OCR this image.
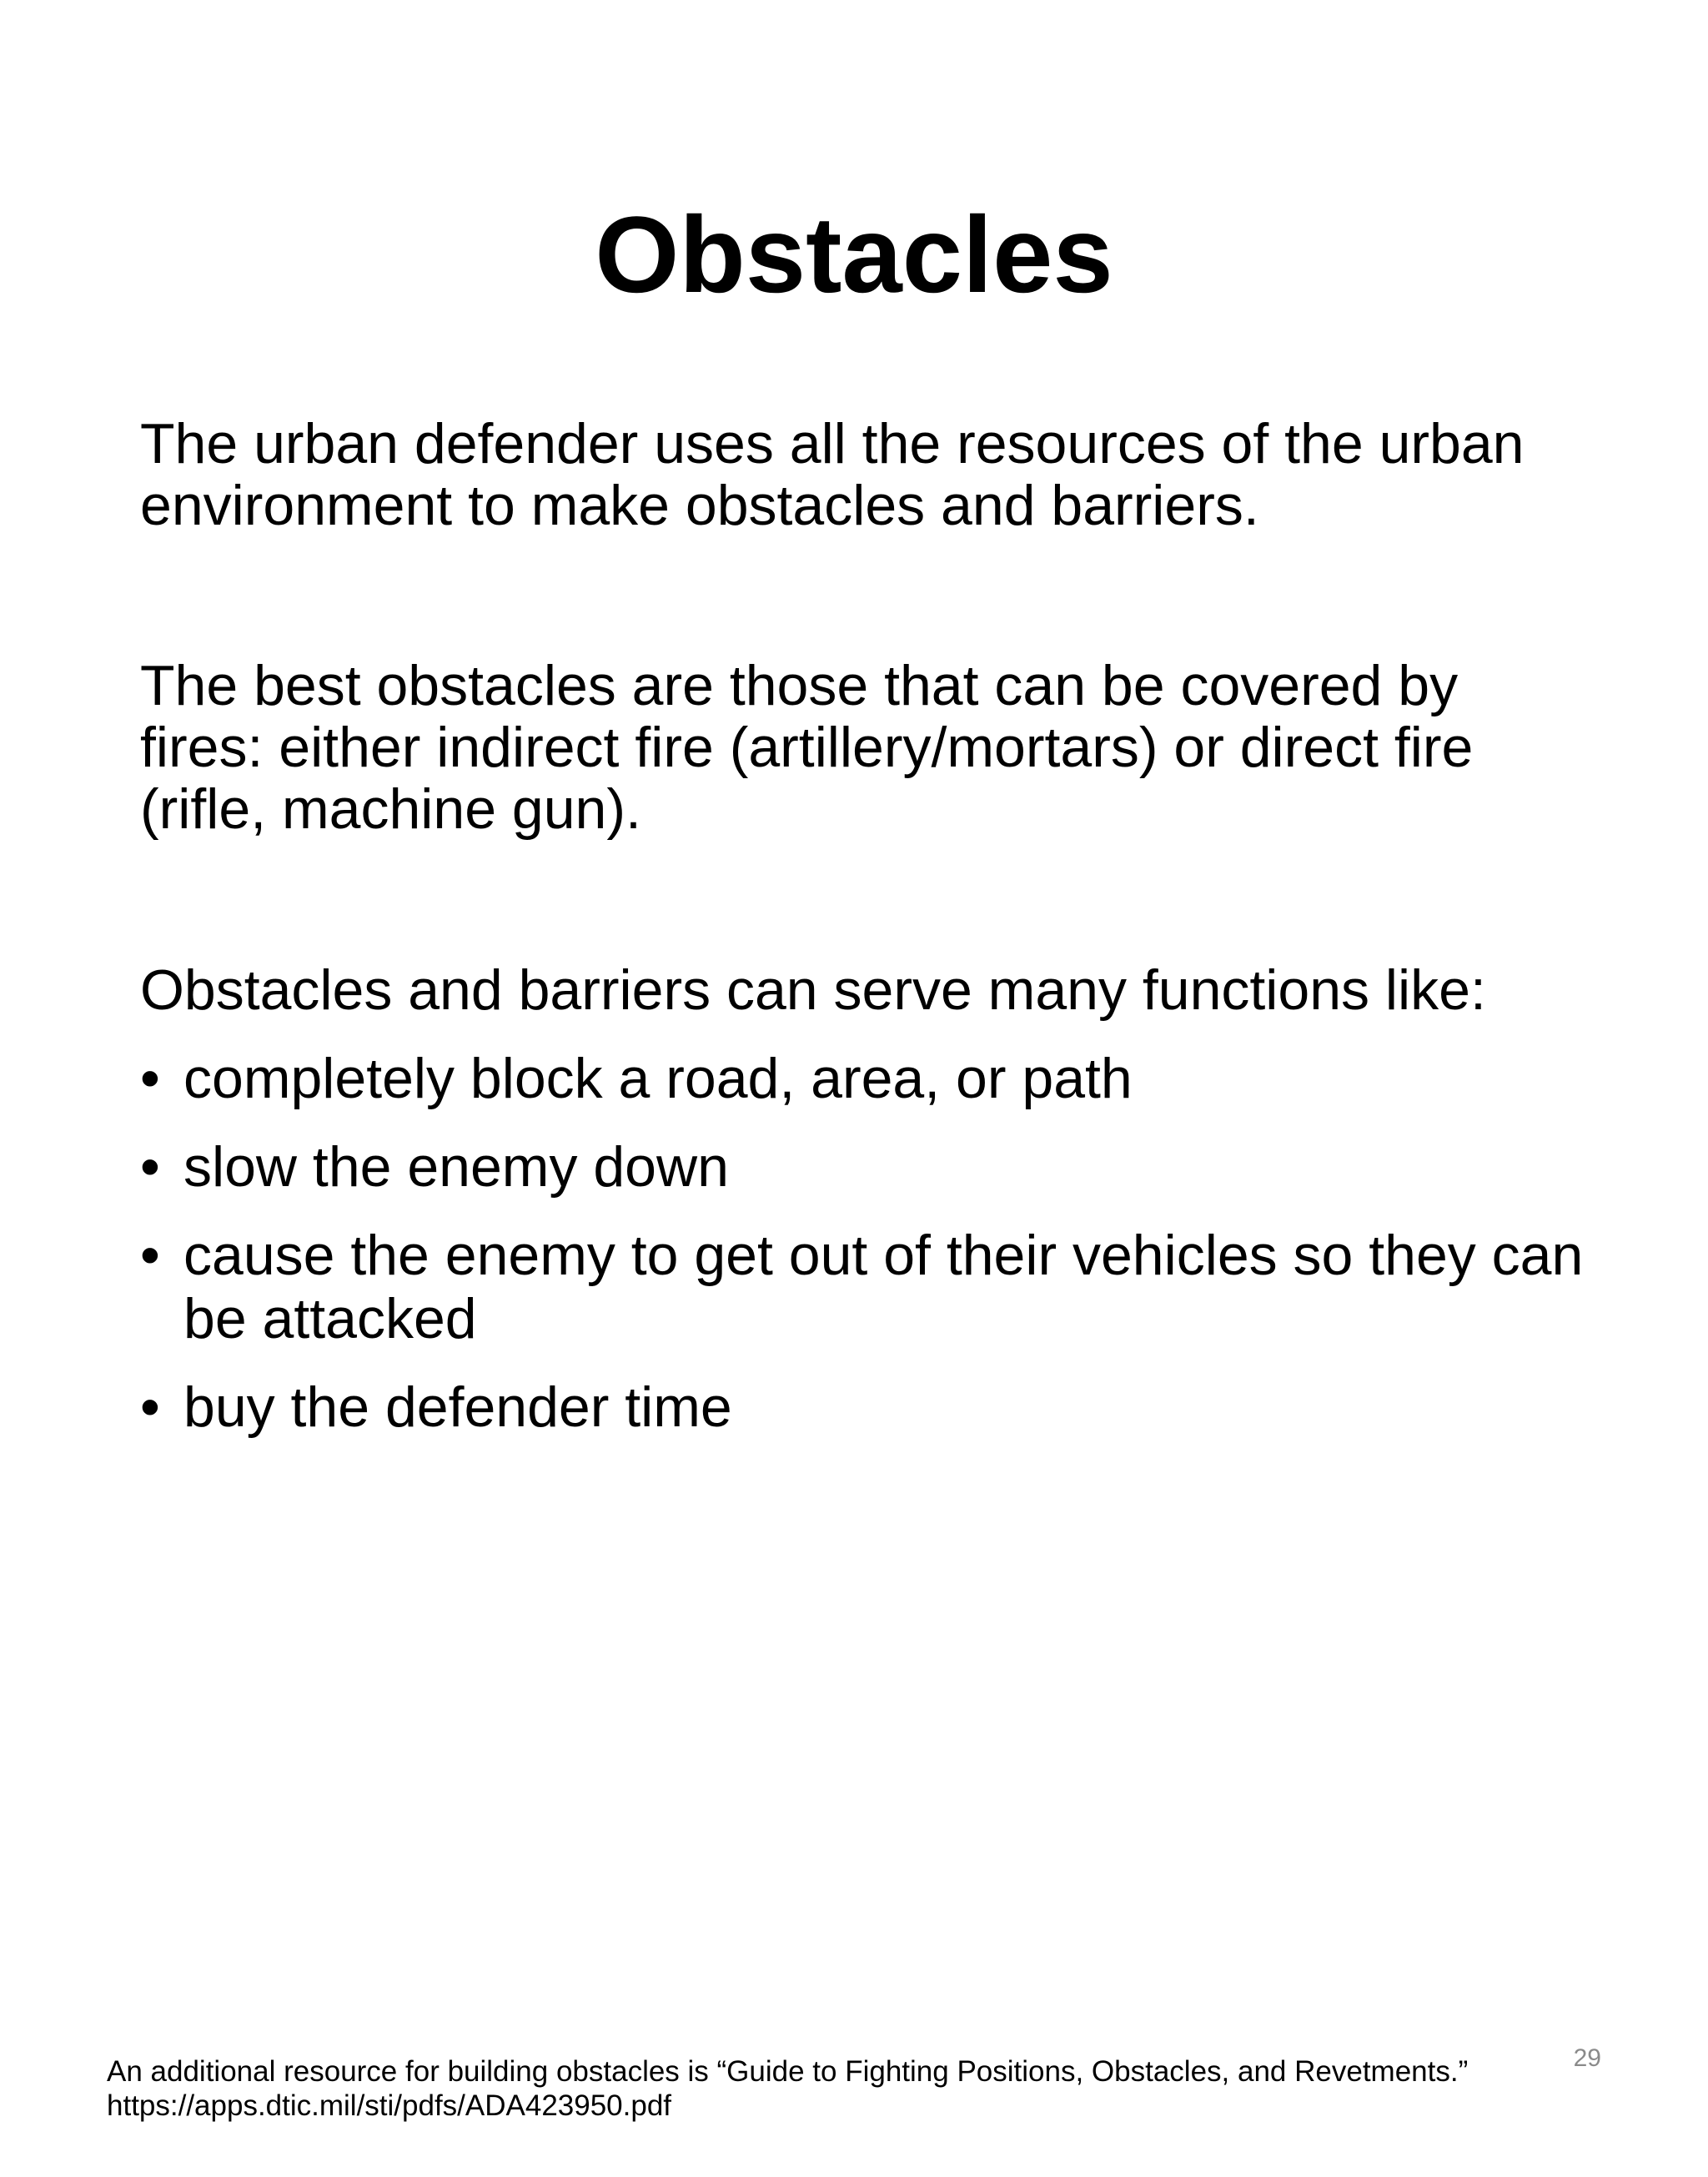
Obstacles

The urban defender uses all the resources of the urban environment to make obstacles and barriers.

The best obstacles are those that can be covered by fires: either indirect fire (artillery/mortars) or direct fire (rifle, machine gun).

Obstacles and barriers can serve many functions like:

• completely block a road, area, or path
• slow the enemy down
• cause the enemy to get out of their vehicles so they can be attacked
• buy the defender time
An additional resource for building obstacles is “Guide to Fighting Positions, Obstacles, and Revetments.”
https://apps.dtic.mil/sti/pdfs/ADA423950.pdf
29
